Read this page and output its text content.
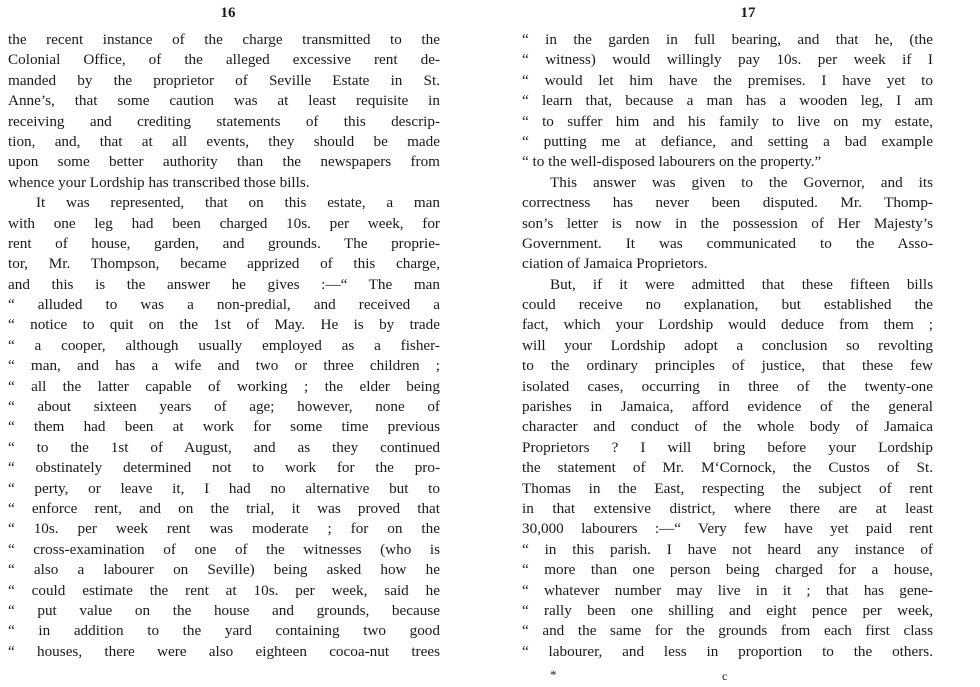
16
the recent instance of the charge transmitted to the
Colonial Office, of the alleged excessive rent de-
manded by the proprietor of Seville Estate in St.
Anne’s, that some caution was at least requisite in
receiving and crediting statements of this descrip-
tion, and, that at all events, they should be made
upon some better authority than the newspapers from
whence your Lordship has transcribed those bills.
It was represented, that on this estate, a man
with one leg had been charged 10s. per week, for
rent of house, garden, and grounds. The proprie-
tor, Mr. Thompson, became apprized of this charge,
and this is the answer he gives :—“ The man
“ alluded to was a non-predial, and received a
“ notice to quit on the 1st of May. He is by trade
“ a cooper, although usually employed as a fisher-
“ man, and has a wife and two or three children ;
“ all the latter capable of working ; the elder being
“ about sixteen years of age; however, none of
“ them had been at work for some time previous
“ to the 1st of August, and as they continued
“ obstinately determined not to work for the pro-
“ perty, or leave it, I had no alternative but to
“ enforce rent, and on the trial, it was proved that
“ 10s. per week rent was moderate ; for on the
“ cross-examination of one of the witnesses (who is
“ also a labourer on Seville) being asked how he
“ could estimate the rent at 10s. per week, said he
“ put value on the house and grounds, because
“ in addition to the yard containing two good
“ houses, there were also eighteen cocoa-nut trees
17
“ in the garden in full bearing, and that he, (the
“ witness) would willingly pay 10s. per week if I
“ would let him have the premises. I have yet to
“ learn that, because a man has a wooden leg, I am
“ to suffer him and his family to live on my estate,
“ putting me at defiance, and setting a bad example
“ to the well-disposed labourers on the property.”
This answer was given to the Governor, and its
correctness has never been disputed. Mr. Thomp-
son’s letter is now in the possession of Her Majesty’s
Government. It was communicated to the Asso-
ciation of Jamaica Proprietors.
But, if it were admitted that these fifteen bills
could receive no explanation, but established the
fact, which your Lordship would deduce from them ;
will your Lordship adopt a conclusion so revolting
to the ordinary principles of justice, that these few
isolated cases, occurring in three of the twenty-one
parishes in Jamaica, afford evidence of the general
character and conduct of the whole body of Jamaica
Proprietors ? I will bring before your Lordship
the statement of Mr. M‘Cornock, the Custos of St.
Thomas in the East, respecting the subject of rent
in that extensive district, where there are at least
30,000 labourers :—“ Very few have yet paid rent
“ in this parish. I have not heard any instance of
“ more than one person being charged for a house,
“ whatever number may live in it ; that has gene-
“ rally been one shilling and eight pence per week,
“ and the same for the grounds from each first class
“ labourer, and less in proportion to the others.
*	c
